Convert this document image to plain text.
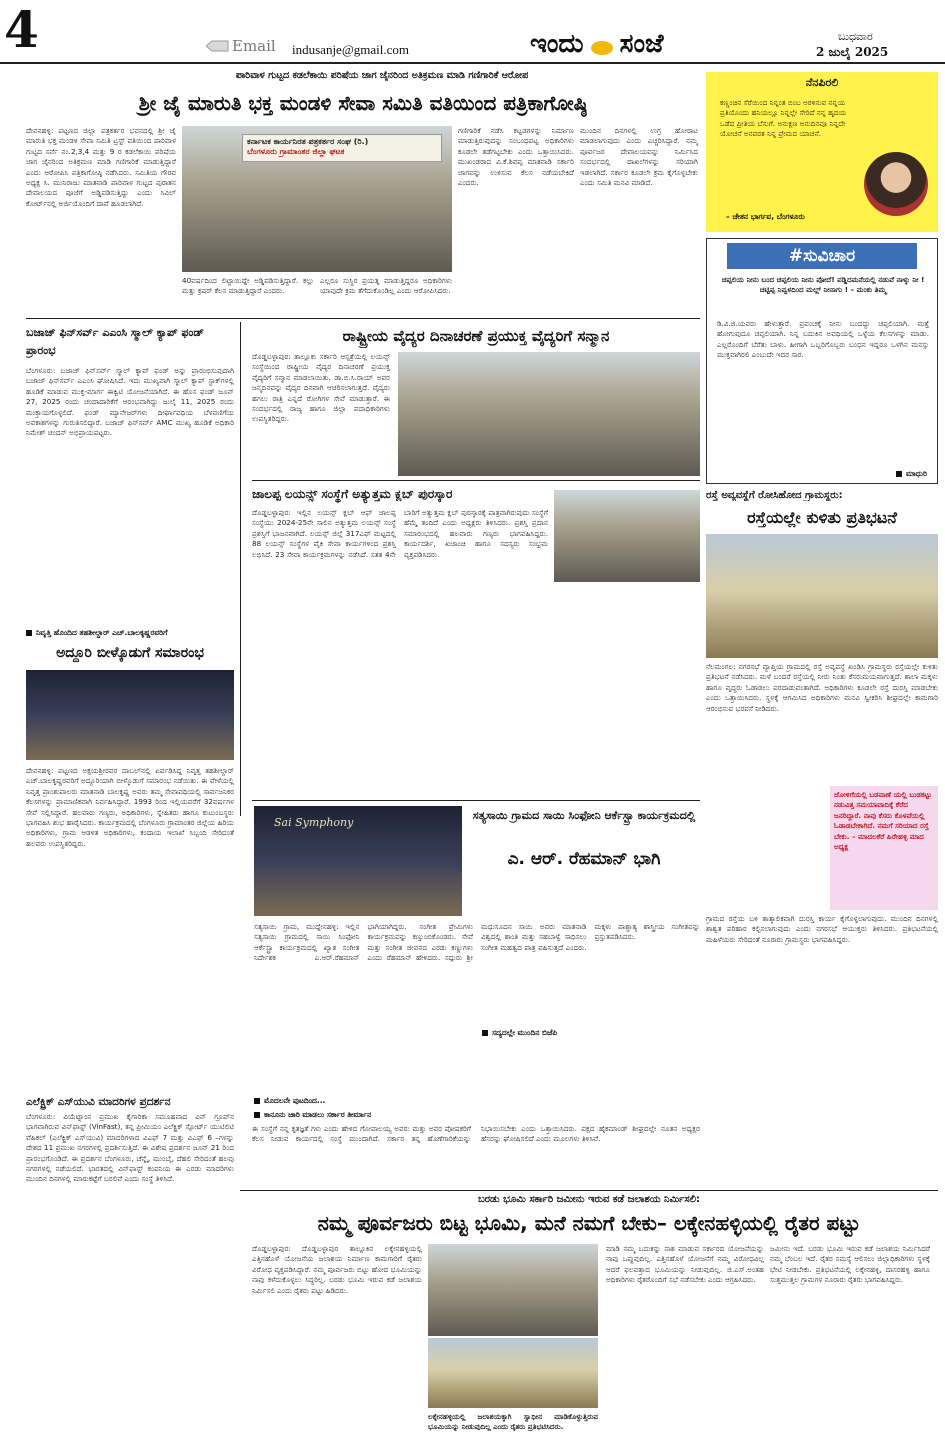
4	Email indusanje@gmail.com	ಇಂದು ಸಂಜೆ	ಬುಧವಾರ
2 ಜುಲೈ 2025
ಪಾರಿವಾಳ ಗುಟ್ಟದ ಕಡಲೆಕಾಯಿ ಪರಿಷೆಯ ಜಾಗ ಜೈನರಿಂದ ಅತಿಕ್ರಮಣ ಮಾಡಿ ಗಣಿಗಾರಿಕೆ ಆರೋಪ
ಶ್ರೀ ಜೈ ಮಾರುತಿ ಭಕ್ತ ಮಂಡಳಿ ಸೇವಾ ಸಮಿತಿ ವತಿಯಿಂದ ಪತ್ರಿಕಾಗೋಷ್ಠಿ
ದೇವನಹಳ್ಳಿ: ಪಟ್ಟಣದ ಜಿಲ್ಲಾ ಪತ್ರಕರ್ತರ ಭವನದಲ್ಲಿ ಶ್ರೀ ಜೈ ಮಾರುತಿ ಭಕ್ತ ಮಂಡಳಿ ಸೇವಾ ಸಮಿತಿ ಟ್ರಸ್ಟ್ ವತಿಯಿಂದ ಪಾರಿವಾಳ ಗುಟ್ಟದ ಸರ್ವೆ ನಂ.2,3,4 ಮತ್ತು 9 ರ ಕಡಲೆಕಾಯಿ ಪರಿಷೆಯ ಜಾಗ ಜೈನರಿಂದ ಅತಿಕ್ರಮಣ ಮಾಡಿ ಗಣಿಗಾರಿಕೆ ಮಾಡುತ್ತಿದ್ದಾರೆ ಎಂದು ಆರೋಪಿಸಿ ಪತ್ರಿಕಾಗೋಷ್ಠಿ ನಡೆಸಿದರು. ಸಮಿತಿಯ ಗೌರವ ಅಧ್ಯಕ್ಷ ಸಿ. ಮುನಿರಾಜು ಮಾತನಾಡಿ ಪಾರಿವಾಳ ಗುಟ್ಟದ ಪುರಾತನ ದೇವಾಲಯದ ಪೂಜೆಗೆ ಅಡ್ಡಿಪಡಿಸುತ್ತಿದ್ದು ಎಂದು ಸಿವಿಲ್ ಕೋರ್ಟ್‌ನಲ್ಲಿ ಅರ್ಜಿಯೊಂದಿಗೆ ದಾವೆ ಹೂಡಲಾಗಿದೆ.
ಕರ್ನಾಟಕ ಕಾರ್ಯನಿರತ ಪತ್ರಕರ್ತರ ಸಂಘ (ರಿ.)
ಬೆಂಗಳೂರು ಗ್ರಾಮಾಂತರ ಜಿಲ್ಲಾ ಘಟಕ
40ವರ್ಷದಿಂದ ಲಿಟ್ಟಾಯಿದ್ದೇ ಅಡ್ಡಿಪಡಿಸುತ್ತಿದ್ದಾರೆ. ಕಲ್ಲು ಮತ್ತು ಕ್ರಷರ್ ಕೆಲಸ ಮಾಡುತ್ತಿದ್ದಾರೆ ಎಂದರು.
ಎಲ್ಲರೂ ಸುಸ್ಥಿರ ಪ್ರಯತ್ನ ಮಾಡುತ್ತಿದ್ದರೂ ಅಧಿಕಾರಿಗಳು ಯಾವುದೇ ಕ್ರಮ ತೆಗೆದುಕೊಂಡಿಲ್ಲ ಎಂದು ಆರೋಪಿಸಿದರು.
ಗಣಿಗಾರಿಕೆ ನಡೆಸಿ ಕಟ್ಟಡಗಳನ್ನು ನಿರ್ಮಾಣ ಮಾಡುತ್ತಿರುವುದನ್ನು ಸಂಬಂಧಪಟ್ಟ ಅಧಿಕಾರಿಗಳು ಕೂಡಲೇ ತಡೆಗಟ್ಟಬೇಕು ಎಂದು ಒತ್ತಾಯಿಸಿದರು. ಮುಖಂಡರಾದ ವಿ.ಕೆ.ಶಿವಪ್ಪ ಮಾತನಾಡಿ ಸರ್ಕಾರಿ ಜಾಗವನ್ನು ಉಳಿಸುವ ಕೆಲಸ ನಡೆಯಬೇಕಿದೆ ಎಂದರು.
ಮುಂದಿನ ದಿನಗಳಲ್ಲಿ ಉಗ್ರ ಹೋರಾಟ ಮಾಡಲಾಗುವುದು ಎಂದು ಎಚ್ಚರಿಸಿದ್ದಾರೆ. ನಮ್ಮ ಪೂರ್ವಜರ ದೇವಾಲಯವನ್ನು ನಿರ್ಮಿಸಿದ ಸಂದರ್ಭದಲ್ಲಿ ದಾಖಲೆಗಳನ್ನು ಸರಿಯಾಗಿ ಇಡಲಾಗಿದೆ. ಸರ್ಕಾರ ಕೂಡಲೇ ಕ್ರಮ ಕೈಗೊಳ್ಳಬೇಕು ಎಂದು ಸಮಿತಿ ಮನವಿ ಮಾಡಿದೆ.
ನೆನಪಿರಲಿ
ಕಣ್ಣಂಚಿನ ಸೆರೆಯಿಂದ ನಿನ್ನಂತ ಬಿಂಬ ಅರಳಿಸುವ ನನ್ನಯ ಪ್ರತಿಯೊಂದು ಹನಿಯಲ್ಲೂ ನಿನ್ನಲ್ಲೇ ಸೇರಿದೆ ನನ್ನ ಹೃದಯ ಒಡೆದ ಪ್ರೀತಿಯ ಬೆಸುಗೆ. ಅನುಕ್ಷಣ ಅನುದಿನವೂ ನಿನ್ನದೇ ಯೋಚನೆ ಅನವರತ ನಿನ್ನ ಪ್ರೇಮದ ಯಾಚನೆ.
– ಚೇತನ ಭಾರ್ಗವ, ಬೆಂಗಳೂರು
#ಸುವಿಚಾರ
ಚಪ್ಪಲಿಯ ನೀನು ಬಂದ ಚಪ್ಪಲಿಯ ನೀನು ಪೋದೆ! ಪಡ್ಡಿದಮನೆಯಲ್ಲಿ ನಡುವೆ ನಾಳ್ಕು ನೀ ! ಚಟ್ಟಿಪ್ಪ ನಿವ್ವಳದಿಂದ ಮಲ್ಲ್ ನೀನಾಗು ! – ಮಂಕು ತಿಮ್ಮ
ಡಿ.ವಿ.ಜಿ.ಯವರು ಹೇಳುತ್ತಾರೆ. ಪ್ರಪಂಚಕ್ಕೆ ನೀನು ಬಂದದ್ದು ಚಪ್ಪಲಿಯಾಗಿ. ಮತ್ತೆ ಹೋಗುವುದೂ ಚಪ್ಪಲಿಯಾಗಿ. ನಿನ್ನ ಬದುಕಿನ ಅವಧಿಯಲ್ಲಿ ಒಳ್ಳೆಯ ಕೆಲಸಗಳನ್ನು ಮಾಡು. ಎಲ್ಲರೊಂದಿಗೆ ಬೆರೆತು ಬಾಳು. ಹೀಗಾಗಿ ಒಬ್ಬರಿಗೊಬ್ಬರು ಬಂಧನ ಇದ್ದರೂ ಒಳಗಿನ ಮನಸ್ಸು ಮುಕ್ತವಾಗಿರಲಿ ಎಂಬುದೇ ಇದರ ಸಾರ.
ಮಾಧುರಿ
ಬಜಾಜ್ ಫಿನ್‌ಸರ್ವ್ ಎಎಂಸಿ ಸ್ಮಾಲ್ ಕ್ಯಾಪ್ ಫಂಡ್ ಪ್ರಾರಂಭ
ಬೆಂಗಳೂರು: ಬಜಾಜ್ ಫಿನ್‌ಸರ್ವ್ ಸ್ಮಾಲ್ ಕ್ಯಾಪ್ ಫಂಡ್ ಅನ್ನು ಪ್ರಾರಂಭಿಸುವುದಾಗಿ ಬಜಾಜ್ ಫಿನ್‌ಸರ್ವ್ ಎಎಂಸಿ ಘೋಷಿಸಿದೆ. ಇದು ಮುಖ್ಯವಾಗಿ ಸ್ಮಾಲ್ ಕ್ಯಾಪ್ ಸ್ಟಾಕ್‌ಗಳಲ್ಲಿ ಹೂಡಿಕೆ ಮಾಡುವ ಮುಕ್ತ-ಮಾರ್ಗ ಈಕ್ವಿಟಿ ಯೋಜನೆಯಾಗಿದೆ. ಈ ಹೊಸ ಫಂಡ್ ಜೂನ್ 27, 2025 ರಂದು ಚಂದಾದಾರಿಕೆಗೆ ಆರಂಭವಾಗಿದ್ದು ಜುಲೈ 11, 2025 ರಂದು ಮುಕ್ತಾಯಗೊಳ್ಳಲಿದೆ. ಫಂಡ್ ಮ್ಯಾನೇಜರ್‌ಗಳು ದೀರ್ಘಾವಧಿಯ ಬೆಳವಣಿಗೆಯ ಅವಕಾಶಗಳನ್ನು ಗುರುತಿಸಲಿದ್ದಾರೆ. ಬಜಾಜ್ ಫಿನ್‌ಸರ್ವ್ AMC ಮುಖ್ಯ ಹೂಡಿಕೆ ಅಧಿಕಾರಿ ನಿಮೇಶ್ ಚಂದನ್ ಅಭಿಪ್ರಾಯಪಟ್ಟರು.
ನಿವೃತ್ತಿ ಹೊಂದಿದ ತಹಶೀಲ್ದಾರ್ ಎಚ್.ಬಾಲಕೃಷ್ಣರವರಿಗೆ
ಅದ್ದೂರಿ ಬೀಳ್ಕೊಡುಗೆ ಸಮಾರಂಭ
ದೇವನಹಳ್ಳಿ: ಪಟ್ಟಣದ ಅಕ್ಷಯಶ್ರೀರವರ ದಾಬಲ್‌ನಲ್ಲಿ ಏರ್ಪಡಿಸಿದ್ದ ನಿವೃತ್ತ ತಹಶೀಲ್ದಾರ್ ಎಚ್.ಬಾಲಕೃಷ್ಣರವರಿಗೆ ಅದ್ದೂರಿಯಾಗಿ ಬೀಳ್ಕೊಡುಗೆ ಸಮಾರಂಭ ನಡೆಯಿತು. ಈ ವೇಳೆಯಲ್ಲಿ ನಿವೃತ್ತ ಪ್ರಾಂಶುಪಾಲರು ಮಾತನಾಡಿ ಬಾಲಕೃಷ್ಣ ಅವರು ತಮ್ಮ ಸೇವಾವಧಿಯಲ್ಲಿ ಸಾರ್ವಜನಿಕರ ಕೆಲಸಗಳನ್ನು ಪ್ರಾಮಾಣಿಕವಾಗಿ ನಿರ್ವಹಿಸಿದ್ದಾರೆ. 1993 ರಿಂದ ಇಲ್ಲಿಯವರೆಗೆ 32ವರ್ಷಗಳ ಸೇವೆ ಸಲ್ಲಿಸಿದ್ದಾರೆ. ಹಲವಾರು ಗಣ್ಯರು, ಅಧಿಕಾರಿಗಳು, ಸ್ನೇಹಿತರು ಹಾಗೂ ಕುಟುಂಬಸ್ಥರು ಭಾಗವಹಿಸಿ ಶುಭ ಹಾರೈಸಿದರು. ಕಾರ್ಯಕ್ರಮದಲ್ಲಿ ಬೆಂಗಳೂರು ಗ್ರಾಮಾಂತರ ಜಿಲ್ಲೆಯ ಹಿರಿಯ ಅಧಿಕಾರಿಗಳು, ಗ್ರಾಮ ಆಡಳಿತ ಅಧಿಕಾರಿಗಳು, ಕಂದಾಯ ಇಲಾಖೆ ಸಿಬ್ಬಂದಿ ಸೇರಿದಂತೆ ಹಲವರು ಉಪಸ್ಥಿತರಿದ್ದರು.
ಎಲೆಕ್ಟ್ರಿಕ್ ಎಸ್‌ಯುವಿ ಮಾದರಿಗಳ ಪ್ರದರ್ಶನ
ಬೆಂಗಳೂರು: ವಿಯೆಟ್ನಾಂನ ಪ್ರಮುಖ ಕೈಗಾರಿಕಾ ಸಮೂಹವಾದ ವಿನ್ ಗ್ರೂಪ್‌ನ ಭಾಗವಾಗಿರುವ ವಿನ್‌ಫಾಸ್ಟ್ (VinFast), ತನ್ನ ಪ್ರೀಮಿಯಂ ಎಲೆಕ್ಟ್ರಿಕ್ ಸ್ಪೋರ್ಟ್ ಯುಟಿಲಿಟಿ ವೆಹಿಕಲ್ (ಎಲೆಕ್ಟ್ರಿಕ್ ಎಸ್‌ಯುವಿ) ಮಾದರಿಗಳಾದ ವಿಎಫ್ 7 ಮತ್ತು ವಿಎಫ್ 6 –ಗಳನ್ನು ದೇಶದ 11 ಪ್ರಮುಖ ನಗರಗಳಲ್ಲಿ ಪ್ರದರ್ಶಿಸುತ್ತಿದೆ. ಈ ವಿಶೇಷ ಪ್ರದರ್ಶನ ಜೂನ್ 21 ರಿಂದ ಪ್ರಾರಂಭಗೊಂಡಿದೆ. ಈ ಪ್ರದರ್ಶನ ಬೆಂಗಳೂರು, ಚೆನ್ನೈ, ಮುಂಬೈ, ದೆಹಲಿ ಸೇರಿದಂತೆ ಹಲವು ನಗರಗಳಲ್ಲಿ ನಡೆಯಲಿದೆ. ಭಾರತದಲ್ಲಿ ವಿನ್‌ಫಾಸ್ಟ್ ಕಂಪನಿಯ ಈ ಎರಡು ಮಾದರಿಗಳು ಮುಂದಿನ ದಿನಗಳಲ್ಲಿ ಮಾರುಕಟ್ಟೆಗೆ ಬರಲಿವೆ ಎಂದು ಸಂಸ್ಥೆ ತಿಳಿಸಿದೆ.
ರಾಷ್ಟ್ರೀಯ ವೈದ್ಯರ ದಿನಾಚರಣೆ ಪ್ರಯುಕ್ತ ವೈದ್ಯರಿಗೆ ಸನ್ಮಾನ
ದೊಡ್ಡಬಳ್ಳಾಪುರ: ತಾಲ್ಲೂಕು ಸರ್ಕಾರಿ ಆಸ್ಪತ್ರೆಯಲ್ಲಿ ಲಯನ್ಸ್ ಸಂಸ್ಥೆಯಿಂದ ರಾಷ್ಟ್ರೀಯ ವೈದ್ಯರ ದಿನಾಚರಣೆ ಪ್ರಯುಕ್ತ ವೈದ್ಯರಿಗೆ ಸನ್ಮಾನ ಮಾಡಲಾಯಿತು. ಡಾ.ಬಿ.ಸಿ.ರಾಯ್ ಅವರ ಜನ್ಮದಿನವನ್ನು ವೈದ್ಯರ ದಿನವಾಗಿ ಆಚರಿಸಲಾಗುತ್ತದೆ. ವೈದ್ಯರು ಹಗಲು ರಾತ್ರಿ ಎನ್ನದೆ ರೋಗಿಗಳ ಸೇವೆ ಮಾಡುತ್ತಾರೆ. ಈ ಸಂದರ್ಭದಲ್ಲಿ ರಾಜ್ಯ ಹಾಗೂ ಜಿಲ್ಲಾ ಪದಾಧಿಕಾರಿಗಳು ಉಪಸ್ಥಿತರಿದ್ದರು.
ಜಾಲಪ್ಪ ಲಯನ್ಸ್ ಸಂಸ್ಥೆಗೆ ಅತ್ಯುತ್ತಮ ಕ್ಲಬ್ ಪುರಸ್ಕಾರ
ದೊಡ್ಡಬಳ್ಳಾಪುರ: ಇಲ್ಲಿನ ಲಯನ್ಸ್ ಕ್ಲಬ್ ಆಫ್ ಜಾಲಪ್ಪ ಸಂಸ್ಥೆಯು 2024-25ನೇ ಸಾಲಿನ ಅತ್ಯುತ್ತಮ ಲಯನ್ಸ್ ಸಂಸ್ಥೆ ಪ್ರಶಸ್ತಿಗೆ ಭಾಜನವಾಗಿದೆ. ಲಯನ್ಸ್ ಜಿಲ್ಲೆ 317ಎಫ್ ಮಟ್ಟದಲ್ಲಿ 88 ಲಯನ್ಸ್ ಸಂಸ್ಥೆಗಳ ಪೈಕಿ ಸೇವಾ ಕಾರ್ಯಗಳಿಂದ ಪ್ರಶಸ್ತಿ ಲಭಿಸಿದೆ. 23 ಸೇವಾ ಕಾರ್ಯಕ್ರಮಗಳನ್ನು ನಡೆಸಿದೆ. ಸತತ 4ನೇ ಬಾರಿಗೆ ಅತ್ಯುತ್ತಮ ಕ್ಲಬ್ ಪುರಸ್ಕಾರಕ್ಕೆ ಪಾತ್ರವಾಗಿರುವುದು ಸಂಸ್ಥೆಗೆ ಹೆಮ್ಮೆ ತಂದಿದೆ ಎಂದು ಅಧ್ಯಕ್ಷರು ತಿಳಿಸಿದರು. ಪ್ರಶಸ್ತಿ ಪ್ರದಾನ ಸಮಾರಂಭದಲ್ಲಿ ಹಲವಾರು ಗಣ್ಯರು ಭಾಗವಹಿಸಿದ್ದರು. ಕಾರ್ಯದರ್ಶಿ, ಖಜಾಂಚಿ ಹಾಗೂ ಸದಸ್ಯರು ಸಂಭ್ರಮ ವ್ಯಕ್ತಪಡಿಸಿದರು.
ರಸ್ತೆ ಅವ್ಯವಸ್ಥೆಗೆ ರೋಸಿಹೋದ ಗ್ರಾಮಸ್ಥರು:
ರಸ್ತೆಯಲ್ಲೇ ಕುಳಿತು ಪ್ರತಿಭಟನೆ
ನೆಲಮಂಗಲ: ನಗರಸಭೆ ವ್ಯಾಪ್ತಿಯ ಗ್ರಾಮದಲ್ಲಿ ರಸ್ತೆ ಅವ್ಯವಸ್ಥೆ ಖಂಡಿಸಿ ಗ್ರಾಮಸ್ಥರು ರಸ್ತೆಯಲ್ಲೇ ಕುಳಿತು ಪ್ರತಿಭಟನೆ ನಡೆಸಿದರು. ಮಳೆ ಬಂದರೆ ರಸ್ತೆಯಲ್ಲಿ ನೀರು ನಿಂತು ಕೆಸರುಮಯವಾಗುತ್ತದೆ. ಶಾಲಾ ಮಕ್ಕಳು ಹಾಗೂ ವೃದ್ಧರು ಓಡಾಡಲು ಪರದಾಡುವಂತಾಗಿದೆ. ಅಧಿಕಾರಿಗಳು ಕೂಡಲೇ ರಸ್ತೆ ದುರಸ್ತಿ ಮಾಡಬೇಕು ಎಂದು ಒತ್ತಾಯಿಸಿದರು. ಸ್ಥಳಕ್ಕೆ ಆಗಮಿಸಿದ ಅಧಿಕಾರಿಗಳು ಮನವಿ ಸ್ವೀಕರಿಸಿ ಶೀಘ್ರದಲ್ಲೇ ಕಾಮಗಾರಿ ಆರಂಭಿಸುವ ಭರವಸೆ ನೀಡಿದರು.
ಜೋಳಿಗೆಯಲ್ಲಿ ಬಡವಾಣೆ ಯಲ್ಲಿ ಬುಡಕಟ್ಟು ನಡುವಿತ್ತ ಸಮಯಾವಾದಿಕ್ಕೆ ಕೆರೆದ ಜನರಿದ್ದಾರೆ. ನಾವು ಕೆಸರು ಕೊಳವೆಯಲ್ಲಿ ಓಡಾಡಬೇಕಾಗಿದೆ. ನಮಗೆ ಸರಿಯಾದ ರಸ್ತೆ ಬೇಕು. – ಮಾದಲಕೆರೆ ಹಿರೇಹಳ್ಳಿ ಮಾದ ಅಧ್ಯಕ್ಷ
ಗ್ರಾಮದ ರಸ್ತೆಯ ಬಳಿ ತಾತ್ಕಾಲಿಕವಾಗಿ ದುರಸ್ತಿ ಕಾರ್ಯ ಕೈಗೊಳ್ಳಲಾಗುವುದು. ಮುಂದಿನ ದಿನಗಳಲ್ಲಿ ಶಾಶ್ವತ ಪರಿಹಾರ ಕಲ್ಪಿಸಲಾಗುವುದು ಎಂದು ನಗರಸಭೆ ಆಯುಕ್ತರು ತಿಳಿಸಿದರು. ಪ್ರತಿಭಟನೆಯಲ್ಲಿ ಮಹಿಳೆಯರು ಸೇರಿದಂತೆ ನೂರಾರು ಗ್ರಾಮಸ್ಥರು ಭಾಗವಹಿಸಿದ್ದರು.
Sai Symphony
ಸತ್ಯಸಾಯಿ ಗ್ರಾಮದ ಸಾಯಿ ಸಿಂಫೋನಿ ಆರ್ಕೆಸ್ಟ್ರಾ ಕಾರ್ಯಕ್ರಮದಲ್ಲಿ
ಎ. ಆರ್. ರೆಹಮಾನ್ ಭಾಗಿ
ಸತ್ಯಸಾಯಿ ಗ್ರಾಮ, ಮುದ್ದೇನಹಳ್ಳಿ: ಇಲ್ಲಿನ ಸತ್ಯಸಾಯಿ ಗ್ರಾಮದಲ್ಲಿ ಸಾಯಿ ಸಿಂಫೋನಿ ಆರ್ಕೆಸ್ಟ್ರಾ ಕಾರ್ಯಕ್ರಮದಲ್ಲಿ ಖ್ಯಾತ ಸಂಗೀತ ನಿರ್ದೇಶಕ ಎ.ಆರ್.ರೆಹಮಾನ್ ಭಾಗಿಯಾಗಿದ್ದರು. ಸಂಗೀತ ಪ್ರೇಮಿಗಳು ಕಾರ್ಯಕ್ರಮವನ್ನು ಕಣ್ತುಂಬಿಕೊಂಡರು. ಸೇವೆ ಮತ್ತು ಸಂಗೀತ ಜೀವನದ ಎರಡು ಕಣ್ಣುಗಳು ಎಂದು ರೆಹಮಾನ್ ಹೇಳಿದರು. ಸದ್ಗುರು ಶ್ರೀ ಮಧುಸೂದನ ಸಾಯಿ ಅವರು ಮಾತನಾಡಿ ವಿಶ್ವದಲ್ಲಿ ಶಾಂತಿ ಮತ್ತು ಸಹಬಾಳ್ವೆ ಸಾಧಿಸಲು ಸಂಗೀತ ಮಹತ್ವದ ಪಾತ್ರ ವಹಿಸುತ್ತದೆ ಎಂದರು. ಮಕ್ಕಳು ಪಾಶ್ಚಾತ್ಯ ಶಾಸ್ತ್ರೀಯ ಸಂಗೀತವನ್ನು ಪ್ರಸ್ತುತಪಡಿಸಿದರು.
ಮೊದಲನೇ ಪುಟದಿಂದ...
ಕಾನೂನು ಜಾರಿ ಮಾಡಲು ಸರ್ಕಾರ ತೀರ್ಮಾನ
ಸದ್ಯದಲ್ಲೇ ಮುಂದಿನ ಬಿಜೆಪಿ
ಈ ಸಂಸ್ಥೆಗೆ ನನ್ನ ಕೃತಜ್ಞತೆ ಗಳು ಎಂದು ಹೇಳಿದ ಗೋಪಾಲಯ್ಯ ಅವರು ಮತ್ತು ಅವರ ಪೋಷಕರಿಗೆ ಕೆಲಸ ನೀಡುವ ಕಾರ್ಯದಲ್ಲಿ ಸಂಸ್ಥೆ ಮುಂದಾಗಿದೆ. ಸರ್ಕಾರ ತನ್ನ ಹೊಣೆಗಾರಿಕೆಯನ್ನು ನಿಭಾಯಿಸಬೇಕು ಎಂದು ಒತ್ತಾಯಿಸಿದರು. ಪಕ್ಷದ ಹೈಕಮಾಂಡ್ ಶೀಘ್ರದಲ್ಲೇ ನೂತನ ಅಧ್ಯಕ್ಷರ ಹೆಸರನ್ನು ಘೋಷಿಸಲಿದೆ ಎಂದು ಮೂಲಗಳು ತಿಳಿಸಿವೆ.
ಬರಡು ಭೂಮಿ ಸರ್ಕಾರಿ ಜಮೀನು ಇರುವ ಕಡೆ ಜಲಾಶಯ ನಿರ್ಮಿಸಲಿ:
ನಮ್ಮ ಪೂರ್ವಜರು ಬಿಟ್ಟ ಭೂಮಿ, ಮನೆ ನಮಗೆ ಬೇಕು– ಲಕ್ಕೇನಹಳ್ಳಿಯಲ್ಲಿ ರೈತರ ಪಟ್ಟು
ದೊಡ್ಡಬಳ್ಳಾಪುರ: ದೊಡ್ಡಬಳ್ಳಾಪುರ ತಾಲ್ಲೂಕಿನ ಲಕ್ಕೇನಹಳ್ಳಿಯಲ್ಲಿ ಎತ್ತಿನಹೊಳೆ ಯೋಜನೆಯ ಜಲಾಶಯ ನಿರ್ಮಾಣ ಕಾಮಗಾರಿಗೆ ರೈತರು ವಿರೋಧ ವ್ಯಕ್ತಪಡಿಸಿದ್ದಾರೆ. ನಮ್ಮ ಪೂರ್ವಜರು ಬಿಟ್ಟು ಹೋದ ಭೂಮಿಯನ್ನು ನಾವು ಕಳೆದುಕೊಳ್ಳಲು ಸಿದ್ಧರಿಲ್ಲ. ಬರಡು ಭೂಮಿ ಇರುವ ಕಡೆ ಜಲಾಶಯ ನಿರ್ಮಿಸಲಿ ಎಂದು ರೈತರು ಪಟ್ಟು ಹಿಡಿದರು.
ಲಕ್ಕೇನಹಳ್ಳಿಯಲ್ಲಿ ಜಲಾಶಯಕ್ಕಾಗಿ ಸ್ವಾಧೀನ ಮಾಡಿಕೊಳ್ಳುತ್ತಿರುವ ಭೂಮಿಯನ್ನು ನೀಡುವುದಿಲ್ಲ ಎಂದು ರೈತರು ಪ್ರತಿಭಟಿಸಿದರು.
ಮಾಡಿ ನಮ್ಮ ಬದುಕನ್ನು ನಾಶ ಮಾಡುವ ಸರ್ಕಾರದ ಯೋಜನೆಯನ್ನು ನಾವು ಒಪ್ಪುವುದಿಲ್ಲ. ಎತ್ತಿನಹೊಳೆ ಯೋಜನೆಗೆ ನಮ್ಮ ವಿರೋಧವಿಲ್ಲ ಆದರೆ ಫಲವತ್ತಾದ ಭೂಮಿಯನ್ನು ನೀಡುವುದಿಲ್ಲ. ಜಿ.ಎಸ್.ಅಂತಹ ಅಧಿಕಾರಿಗಳು ರೈತರೊಂದಿಗೆ ಸಭೆ ನಡೆಸಬೇಕು ಎಂದು ಆಗ್ರಹಿಸಿದರು.
ಜಮೀನು ಇದೆ. ಬರಡು ಭೂಮಿ ಇರುವ ಕಡೆ ಜಲಾಶಯ ನಿರ್ಮಿಸಿದರೆ ನಮ್ಮ ಬೆಂಬಲ ಇದೆ. ರೈತರ ಸಮಸ್ಯೆ ಆಲಿಸಲು ಜಿಲ್ಲಾಧಿಕಾರಿಗಳು ಸ್ಥಳಕ್ಕೆ ಭೇಟಿ ನೀಡಬೇಕು. ಪ್ರತಿಭಟನೆಯಲ್ಲಿ ಲಕ್ಕೇನಹಳ್ಳಿ, ದಾಸರಹಳ್ಳಿ ಹಾಗೂ ಸುತ್ತಮುತ್ತಲ ಗ್ರಾಮಗಳ ನೂರಾರು ರೈತರು ಭಾಗವಹಿಸಿದ್ದರು.
